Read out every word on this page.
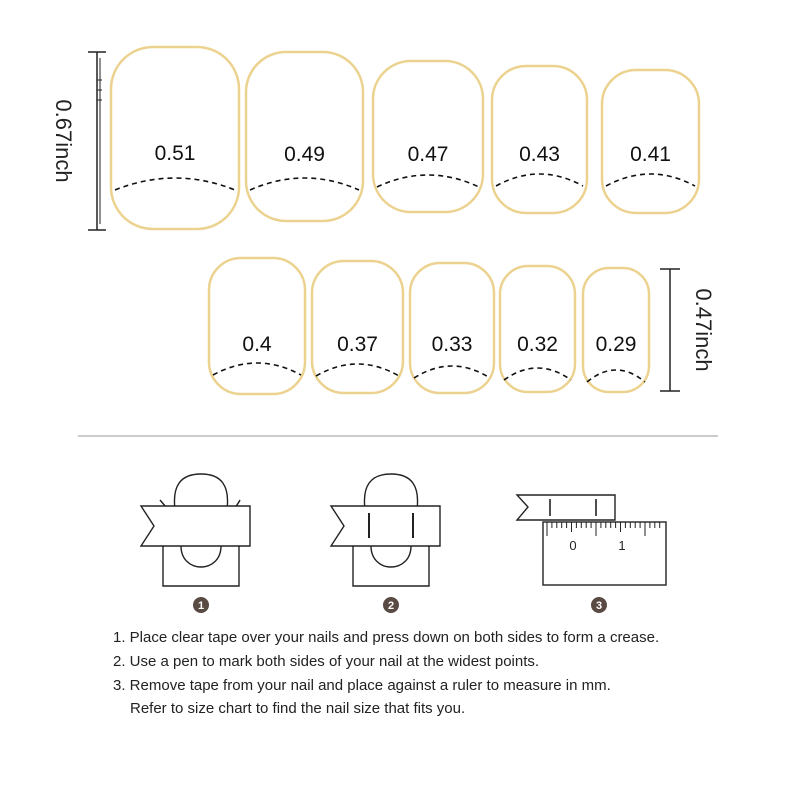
0.51	0.49	0.47	0.43	0.41
0.4	0.37	0.33 0.32 0.29
0.67inch
0.47inch
0	1
1	2	3
1. Place clear tape over your nails and press down on both sides to form a crease.
2. Use a pen to mark both sides of your nail at the widest points.
3. Remove tape from your nail and place against a ruler to measure in mm.
Refer to size chart to find the nail size that fits you.
